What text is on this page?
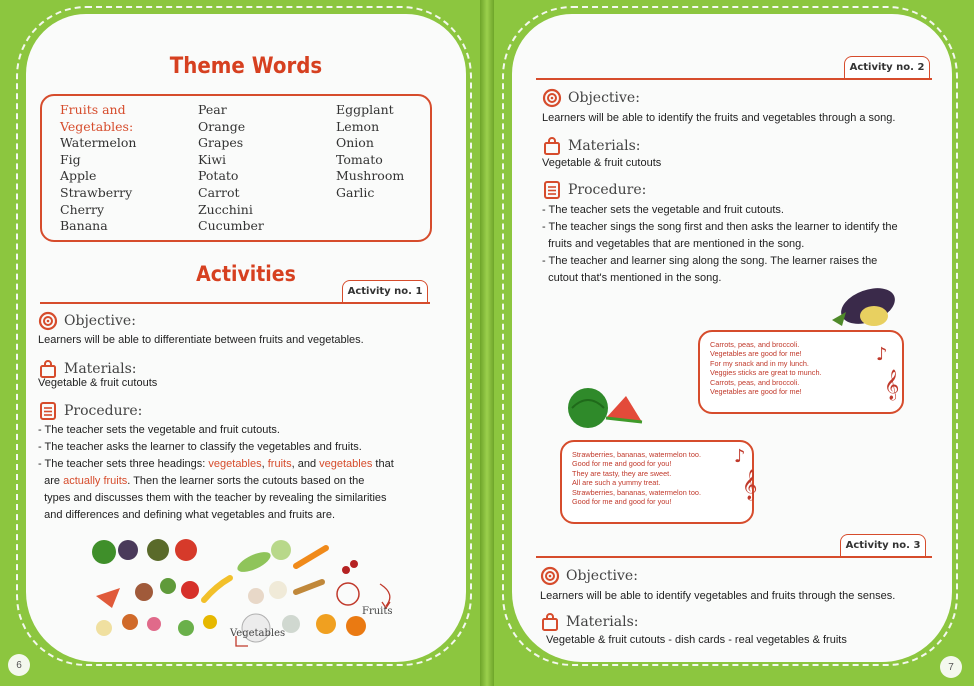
Theme Words
Fruits and
Vegetables:
Watermelon
Fig
Apple
Strawberry
Cherry
Banana
Pear
Orange
Grapes
Kiwi
Potato
Carrot
Zucchini
Cucumber
Eggplant
Lemon
Onion
Tomato
Mushroom
Garlic
Activities
Activity no. 1
Objective:
Learners will be able to differentiate between fruits and vegetables.
Materials:
Vegetable & fruit cutouts
Procedure:
- The teacher sets the vegetable and fruit cutouts.
- The teacher asks the learner to classify the vegetables and fruits.
- The teacher sets three headings: vegetables, fruits, and vegetables that
are actually fruits. Then the learner sorts the cutouts based on the
types and discusses them with the teacher by revealing the similarities
and differences and defining what vegetables and fruits are.
Fruits
Vegetables
6
Activity no. 2
Objective:
Learners will be able to identify the fruits and vegetables through a song.
Materials:
Vegetable & fruit cutouts
Procedure:
- The teacher sets the vegetable and fruit cutouts.
- The teacher sings the song first and then asks the learner to identify the
fruits and vegetables that are mentioned in the song.
- The teacher and learner sing along the song. The learner raises the
cutout that's mentioned in the song.
Carrots, peas, and broccoli.
Vegetables are good for me!
For my snack and in my lunch.
Veggies sticks are great to munch.
Carrots, peas, and broccoli.
Vegetables are good for me!
♪
𝄞
Strawberries, bananas, watermelon too.
Good for me and good for you!
They are tasty, they are sweet.
All are such a yummy treat.
Strawberries, bananas, watermelon too.
Good for me and good for you!
♪
𝄞
Activity no. 3
Objective:
Learners will be able to identify vegetables and fruits through the senses.
Materials:
Vegetable & fruit cutouts - dish cards - real vegetables & fruits
7
